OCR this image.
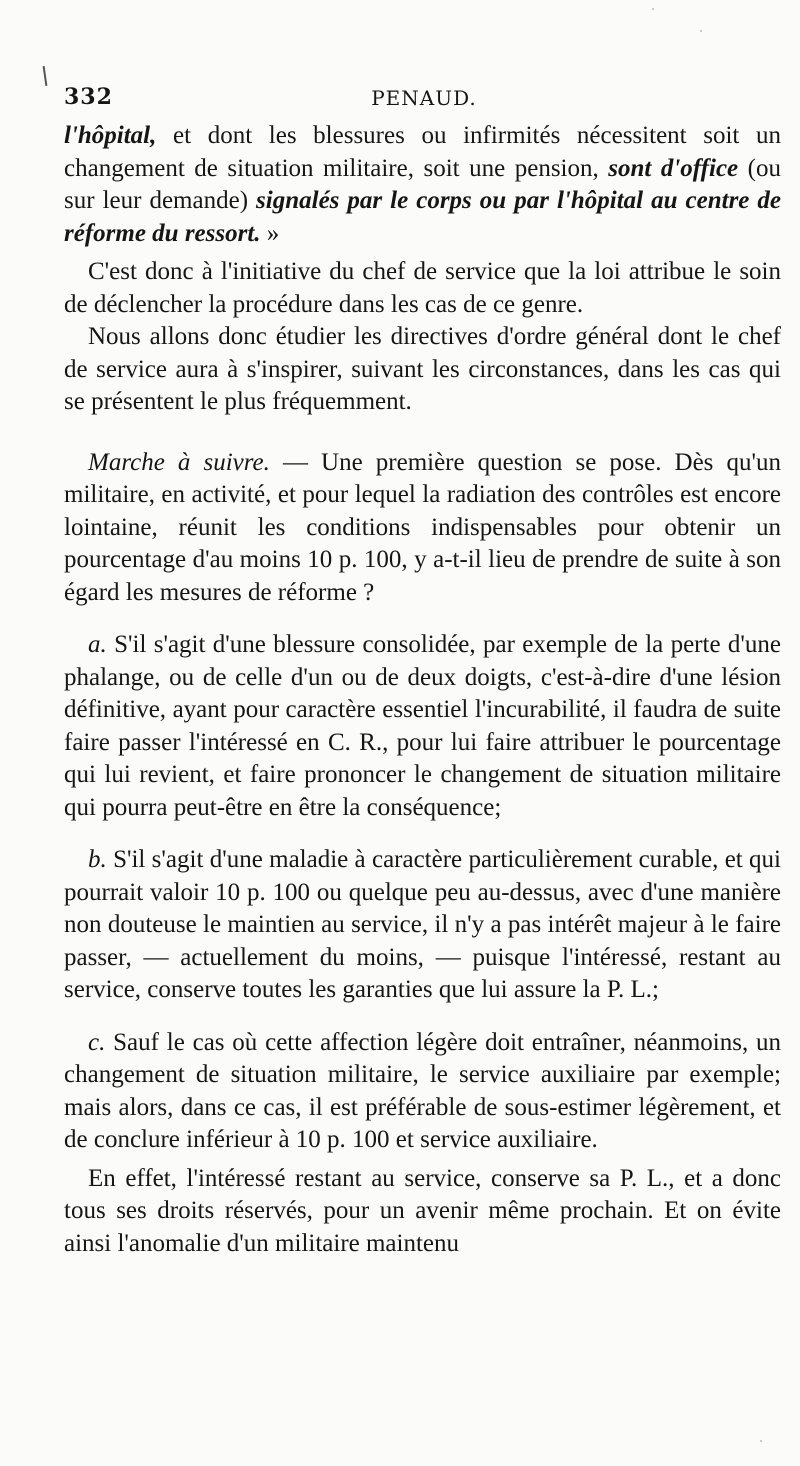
332	PENAUD.

l'hôpital, et dont les blessures ou infirmités nécessitent soit un changement de situation militaire, soit une pension, sont d'office (ou sur leur demande) signalés par le corps ou par l'hôpital au centre de réforme du ressort. »

C'est donc à l'initiative du chef de service que la loi attribue le soin de déclencher la procédure dans les cas de ce genre.

Nous allons donc étudier les directives d'ordre général dont le chef de service aura à s'inspirer, suivant les circonstances, dans les cas qui se présentent le plus fréquemment.

Marche à suivre. — Une première question se pose. Dès qu'un militaire, en activité, et pour lequel la radiation des contrôles est encore lointaine, réunit les conditions indispensables pour obtenir un pourcentage d'au moins 10 p. 100, y a-t-il lieu de prendre de suite à son égard les mesures de réforme ?

a. S'il s'agit d'une blessure consolidée, par exemple de la perte d'une phalange, ou de celle d'un ou de deux doigts, c'est-à-dire d'une lésion définitive, ayant pour caractère essentiel l'incurabilité, il faudra de suite faire passer l'intéressé en C. R., pour lui faire attribuer le pourcentage qui lui revient, et faire prononcer le changement de situation militaire qui pourra peut-être en être la conséquence;

b. S'il s'agit d'une maladie à caractère particulièrement curable, et qui pourrait valoir 10 p. 100 ou quelque peu au-dessus, avec d'une manière non douteuse le maintien au service, il n'y a pas intérêt majeur à le faire passer, — actuellement du moins, — puisque l'intéressé, restant au service, conserve toutes les garanties que lui assure la P. L.;

c. Sauf le cas où cette affection légère doit entraîner, néanmoins, un changement de situation militaire, le service auxiliaire par exemple; mais alors, dans ce cas, il est préférable de sous-estimer légèrement, et de conclure inférieur à 10 p. 100 et service auxiliaire.

En effet, l'intéressé restant au service, conserve sa P. L., et a donc tous ses droits réservés, pour un avenir même prochain. Et on évite ainsi l'anomalie d'un militaire maintenu
